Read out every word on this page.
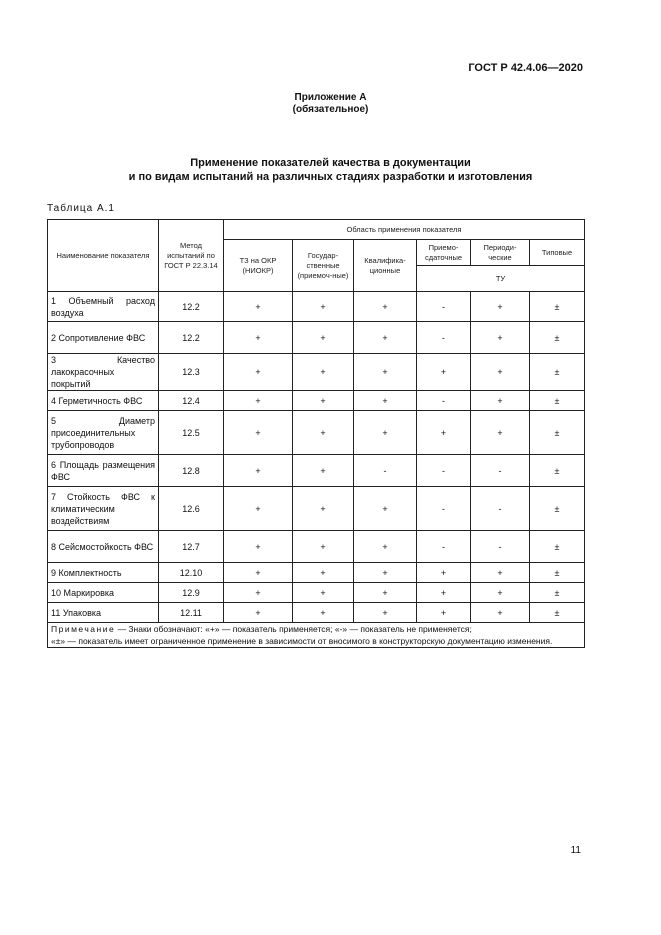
ГОСТ Р 42.4.06—2020
Приложение А
(обязательное)
Применение показателей качества в документации
и по видам испытаний на различных стадиях разработки и изготовления
Таблица А.1
Наименование показателя	Метод испытаний по ГОСТ Р 22.3.14	Область применения показателя					
		ТЗ на ОКР (НИОКР)	Государ-ственные (приемоч-ные)	Квалифика-ционные	Приемо-сдаточные	Периоди-ческие	Типовые
					ТУ		
1 Объемный расход воздуха	12.2	+	+	+	-	+	±
2 Сопротивление ФВС	12.2	+	+	+	-	+	±
3 Качество лакокрасочных покрытий	12.3	+	+	+	+	+	±
4 Герметичность ФВС	12.4	+	+	+	-	+	±
5 Диаметр присоединительных трубопроводов	12.5	+	+	+	+	+	±
6 Площадь размещения ФВС	12.8	+	+	-	-	-	±
7 Стойкость ФВС к климатическим воздействиям	12.6	+	+	+	-	-	±
8 Сейсмостойкость ФВС	12.7	+	+	+	-	-	±
9 Комплектность	12.10	+	+	+	+	+	±
10 Маркировка	12.9	+	+	+	+	+	±
11 Упаковка	12.11	+	+	+	+	+	±
Примечание — Знаки обозначают: «+» — показатель применяется; «-» — показатель не применяется;
«±» — показатель имеет ограниченное применение в зависимости от вносимого в конструкторскую документацию изменения.							
11
